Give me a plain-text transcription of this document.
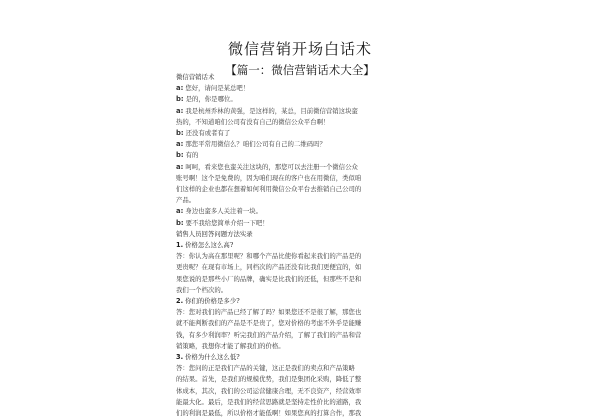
微信营销开场白话术
【篇一：微信营销话术大全】
微信营销话术
a: 您好，请问是某总吧！
b: 是的，你是哪位。
a: 我是杭州乔林的黄强，是这样的，某总，目前微信营销这块蛮
热的，不知道咱们公司有没有自己的微信公众平台啊！
b: 还没有或者有了
a: 那您平常用微信么？咱们公司有自己的二维码吗？
b: 有的
a: 呵呵，看来您也蛮关注这块的，那您可以去注册一个微信公众
账号啊！这个是免费的，因为咱们现在的客户也在用微信，类似咱
们这样的企业也都在想着如何利用微信公众平台去推销自己公司的
产品。
a: 身边也蛮多人关注着一块。
b: 要不我给您简单介绍一下吧！
销售人员回答问题方法实录
1. 价格怎么这么高?
答：你认为高在那里呢？和哪个产品比使你看起来我们的产品是的
更贵呢？在现有市场上，同档次的产品还没有比我们更便宜的，如
果您说的是那些小厂的品牌，确实是比我们的还低，但那些不是和
我们一个档次的。
2. 你们的价格是多少?
答：您对我们的产品已经了解了吗？如果您还不是很了解，那您也
就不能判断我们的产品是不是贵了，您对价格的考虑不外乎是能赚
钱，有多少利润率？听完我们的产品介绍，了解了我们的产品和营
销策略，我想你才能了解我们的价格。
3. 价格为什么这么低?
答：您问的正是我们产品的关键，这正是我们的卖点和产品策略
的结果。首先，是我们的规模优势，我们是集团化采购，降低了整
体成本，其次，我们的公司运营健康合理，无不良资产，经营效率
能最大化。最后，是我们的经营思路就是坚持走性价比的道路，我
们的利润是最低，所以价格才能低啊！如果您真的打算合作，那我
